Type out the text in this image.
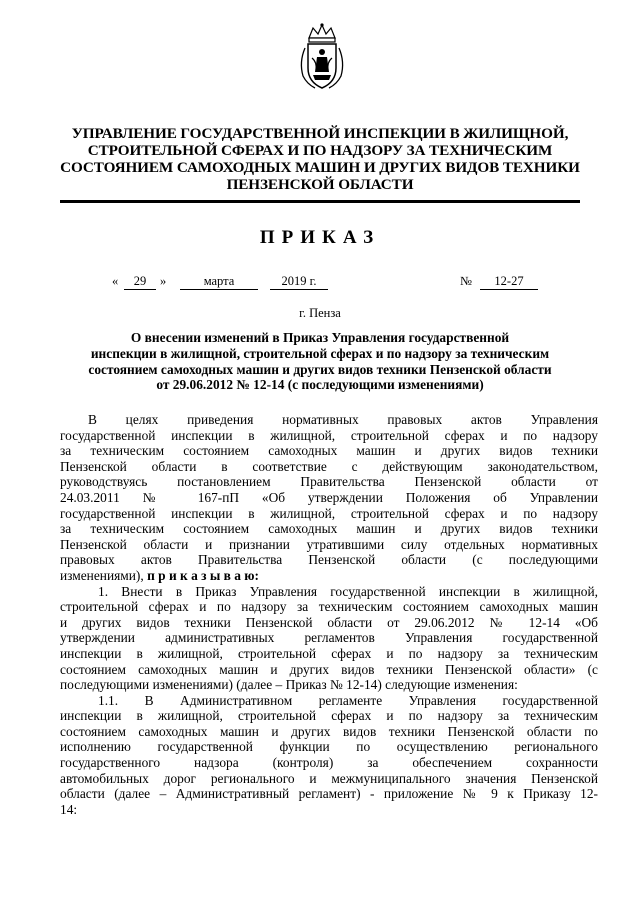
УПРАВЛЕНИЕ ГОСУДАРСТВЕННОЙ ИНСПЕКЦИИ В ЖИЛИЩНОЙ,
СТРОИТЕЛЬНОЙ СФЕРАХ И ПО НАДЗОРУ ЗА ТЕХНИЧЕСКИМ
СОСТОЯНИЕМ САМОХОДНЫХ МАШИН И ДРУГИХ ВИДОВ ТЕХНИКИ
ПЕНЗЕНСКОЙ ОБЛАСТИ
ПРИКАЗ
«	29	»	марта	2019 г.	№	12-27
г. Пенза
О внесении изменений в Приказ Управления государственной
инспекции в жилищной, строительной сферах и по надзору за техническим
состоянием самоходных машин и других видов техники Пензенской области
от 29.06.2012 № 12-14 (с последующими изменениями)
В целях приведения нормативных правовых актов Управления
государственной инспекции в жилищной, строительной сферах и по надзору
за техническим состоянием самоходных машин и других видов техники
Пензенской области в соответствие с действующим законодательством,
руководствуясь постановлением Правительства Пензенской области от
24.03.2011 № 167-пП «Об утверждении Положения об Управлении
государственной инспекции в жилищной, строительной сферах и по надзору
за техническим состоянием самоходных машин и других видов техники
Пензенской области и признании утратившими силу отдельных нормативных
правовых актов Правительства Пензенской области (с последующими
изменениями), п р и к а з ы в а ю:
1. Внести в Приказ Управления государственной инспекции в жилищной,
строительной сферах и по надзору за техническим состоянием самоходных машин
и других видов техники Пензенской области от 29.06.2012 № 12-14 «Об
утверждении административных регламентов Управления государственной
инспекции в жилищной, строительной сферах и по надзору за техническим
состоянием самоходных машин и других видов техники Пензенской области» (с
последующими изменениями) (далее – Приказ № 12-14) следующие изменения:
1.1. В Административном регламенте Управления государственной
инспекции в жилищной, строительной сферах и по надзору за техническим
состоянием самоходных машин и других видов техники Пензенской области по
исполнению государственной функции по осуществлению регионального
государственного надзора (контроля) за обеспечением сохранности
автомобильных дорог регионального и межмуниципального значения Пензенской
области (далее – Административный регламент) - приложение № 9 к Приказу 12-
14:
